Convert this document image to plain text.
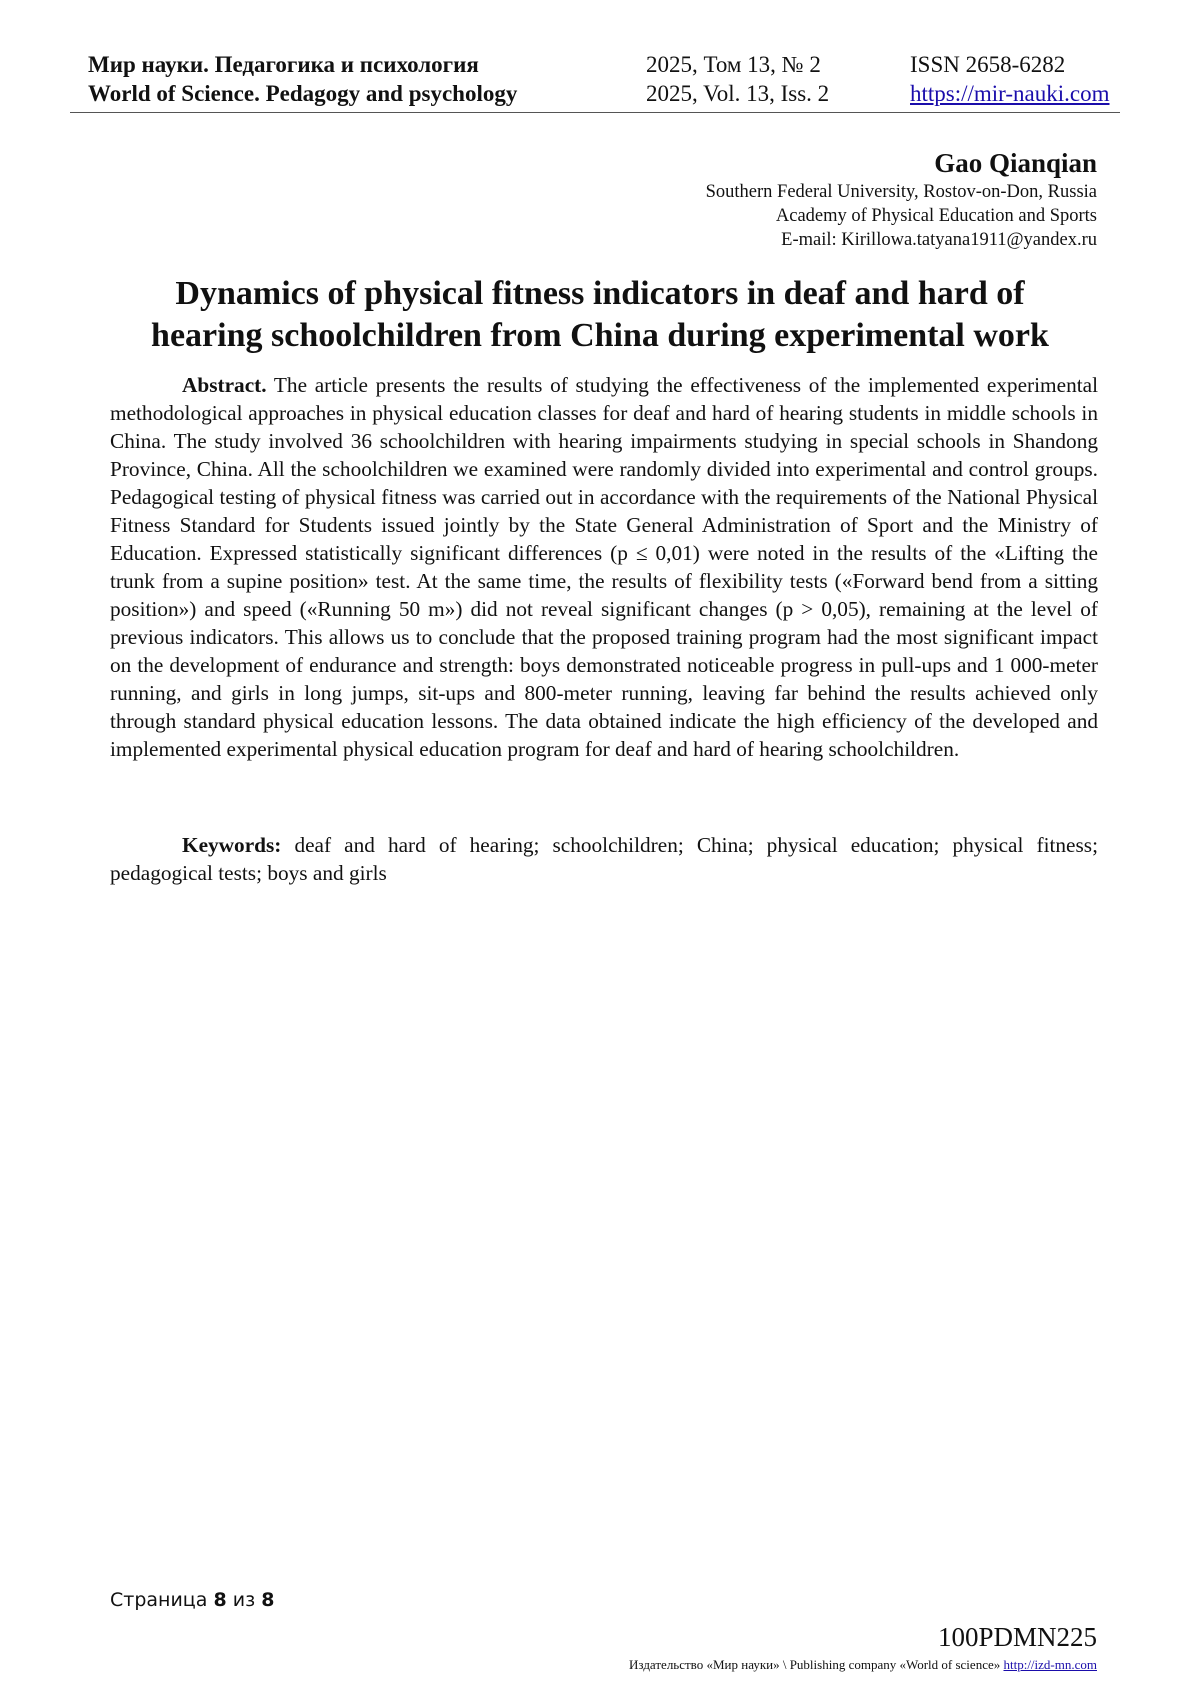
Мир науки. Педагогика и психология
World of Science. Pedagogy and psychology
2025, Том 13, № 2
2025, Vol. 13, Iss. 2
ISSN 2658-6282
https://mir-nauki.com
Gao Qianqian
Southern Federal University, Rostov-on-Don, Russia
Academy of Physical Education and Sports
E-mail: Kirillowa.tatyana1911@yandex.ru
Dynamics of physical fitness indicators in deaf and hard of
hearing schoolchildren from China during experimental work

Abstract. The article presents the results of studying the effectiveness of the implemented experimental methodological approaches in physical education classes for deaf and hard of hearing students in middle schools in China. The study involved 36 schoolchildren with hearing impairments studying in special schools in Shandong Province, China. All the schoolchildren we examined were randomly divided into experimental and control groups. Pedagogical testing of physical fitness was carried out in accordance with the requirements of the National Physical Fitness Standard for Students issued jointly by the State General Administration of Sport and the Ministry of Education. Expressed statistically significant differences (p ≤ 0,01) were noted in the results of the «Lifting the trunk from a supine position» test. At the same time, the results of flexibility tests («Forward bend from a sitting position») and speed («Running 50 m») did not reveal significant changes (p > 0,05), remaining at the level of previous indicators. This allows us to conclude that the proposed training program had the most significant impact on the development of endurance and strength: boys demonstrated noticeable progress in pull-ups and 1 000-meter running, and girls in long jumps, sit-ups and 800-meter running, leaving far behind the results achieved only through standard physical education lessons. The data obtained indicate the high efficiency of the developed and implemented experimental physical education program for deaf and hard of hearing schoolchildren.

Keywords: deaf and hard of hearing; schoolchildren; China; physical education; physical fitness; pedagogical tests; boys and girls

Страница 8 из 8
100PDMN225
Издательство «Мир науки» \ Publishing company «World of science» http://izd-mn.com
